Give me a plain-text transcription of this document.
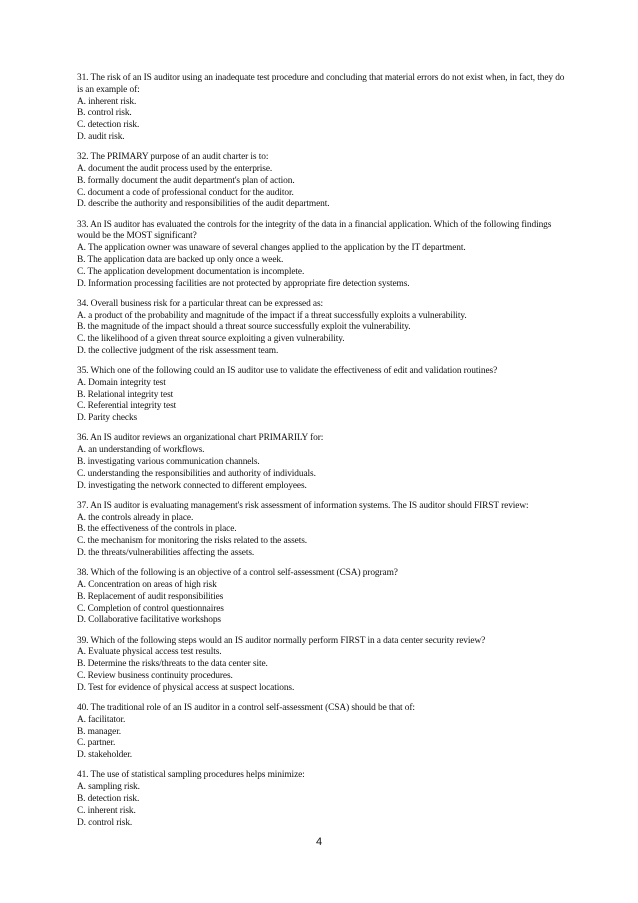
31. The risk of an IS auditor using an inadequate test procedure and concluding that material errors do not exist when, in fact, they do is an example of:

A. inherent risk.

B. control risk.

C. detection risk.

D. audit risk.

32. The PRIMARY purpose of an audit charter is to:

A. document the audit process used by the enterprise.

B. formally document the audit department's plan of action.

C. document a code of professional conduct for the auditor.

D. describe the authority and responsibilities of the audit department.

33. An IS auditor has evaluated the controls for the integrity of the data in a financial application. Which of the following findings would be the MOST significant?

A. The application owner was unaware of several changes applied to the application by the IT department.

B. The application data are backed up only once a week.

C. The application development documentation is incomplete.

D. Information processing facilities are not protected by appropriate fire detection systems.

34. Overall business risk for a particular threat can be expressed as:

A. a product of the probability and magnitude of the impact if a threat successfully exploits a vulnerability.

B. the magnitude of the impact should a threat source successfully exploit the vulnerability.

C. the likelihood of a given threat source exploiting a given vulnerability.

D. the collective judgment of the risk assessment team.

35. Which one of the following could an IS auditor use to validate the effectiveness of edit and validation routines?

A. Domain integrity test

B. Relational integrity test

C. Referential integrity test

D. Parity checks

36. An IS auditor reviews an organizational chart PRIMARILY for:

A. an understanding of workflows.

B. investigating various communication channels.

C. understanding the responsibilities and authority of individuals.

D. investigating the network connected to different employees.

37. An IS auditor is evaluating management's risk assessment of information systems. The IS auditor should FIRST review:

A. the controls already in place.

B. the effectiveness of the controls in place.

C. the mechanism for monitoring the risks related to the assets.

D. the threats/vulnerabilities affecting the assets.

38. Which of the following is an objective of a control self-assessment (CSA) program?

A. Concentration on areas of high risk

B. Replacement of audit responsibilities

C. Completion of control questionnaires

D. Collaborative facilitative workshops

39. Which of the following steps would an IS auditor normally perform FIRST in a data center security review?

A. Evaluate physical access test results.

B. Determine the risks/threats to the data center site.

C. Review business continuity procedures.

D. Test for evidence of physical access at suspect locations.

40. The traditional role of an IS auditor in a control self-assessment (CSA) should be that of:

A. facilitator.

B. manager.

C. partner.

D. stakeholder.

41. The use of statistical sampling procedures helps minimize:

A. sampling risk.

B. detection risk.

C. inherent risk.

D. control risk.

4
